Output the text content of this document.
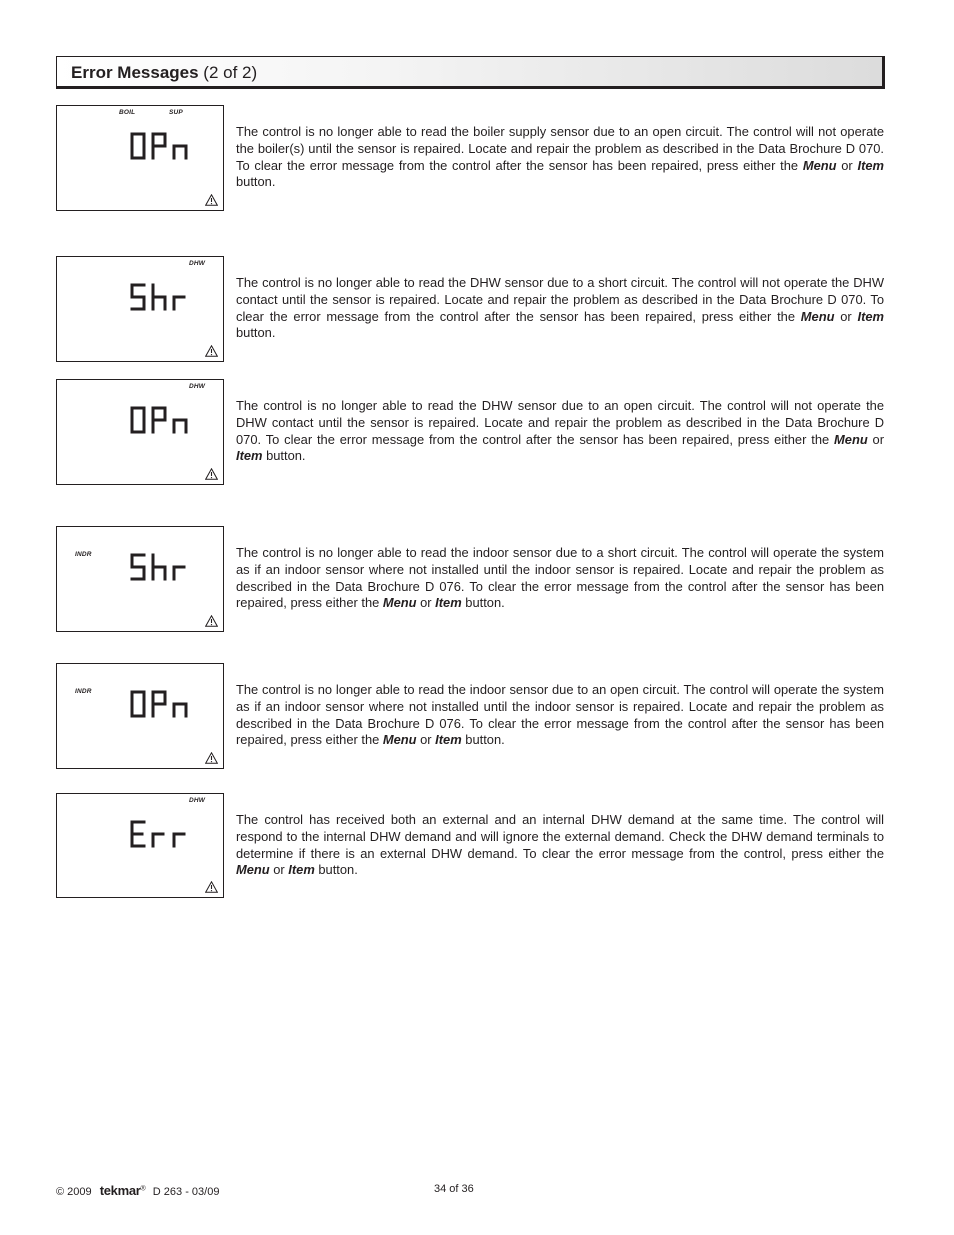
Error Messages (2 of 2)
BOIL	SUP

The control is no longer able to read the boiler supply sensor due to an open circuit. The control will not operate the boiler(s) until the sensor is repaired. Locate and repair the problem as described in the Data Brochure D 070. To clear the error message from the control after the sensor has been repaired, press either the Menu or Item button.

DHW

The control is no longer able to read the DHW sensor due to a short circuit. The control will not operate the DHW contact until the sensor is repaired. Locate and repair the problem as described in the Data Brochure D 070. To clear the error message from the control after the sensor has been repaired, press either the Menu or Item button.

DHW

The control is no longer able to read the DHW sensor due to an open circuit. The control will not operate the DHW contact until the sensor is repaired. Locate and repair the problem as described in the Data Brochure D 070. To clear the error message from the control after the sensor has been repaired, press either the Menu or Item button.

INDR	The control is no longer able to read the indoor sensor due to a short circuit. The control will operate the system as if an indoor sensor where not installed until the indoor sensor is repaired. Locate and repair the problem as described in the Data Brochure D 076. To clear the error message from the control after the sensor has been repaired, press either the Menu or Item button.

INDR	The control is no longer able to read the indoor sensor due to an open circuit. The control will operate the system as if an indoor sensor where not installed until the indoor sensor is repaired. Locate and repair the problem as described in the Data Brochure D 076. To clear the error message from the control after the sensor has been repaired, press either the Menu or Item button.

DHW

The control has received both an external and an internal DHW demand at the same time. The control will respond to the internal DHW demand and will ignore the external demand. Check the DHW demand terminals to determine if there is an external DHW demand. To clear the error message from the control, press either the Menu or Item button.

© 2009 tekmar® D 263 - 03/09	34 of 36
